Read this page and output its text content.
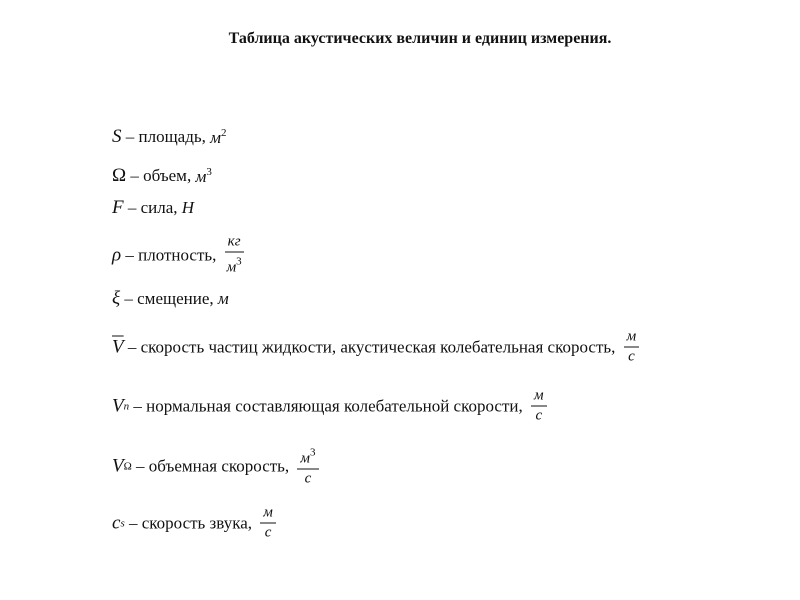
Таблица акустических величин и единиц измерения.
S – площадь, $м^2$
Ω – объем, $м^3$
F – сила, H
ρ – плотность, $\frac{кг}{м^3}$
ξ – смещение, м
$\overline{V}$ – скорость частиц жидкости, акустическая колебательная скорость, $\frac{м}{с}$
V n – нормальная составляющая колебательной скорости, $\frac{м}{с}$
V Ω – объемная скорость, $\frac{м^3}{с}$
c s – скорость звука, $\frac{м}{с}$
